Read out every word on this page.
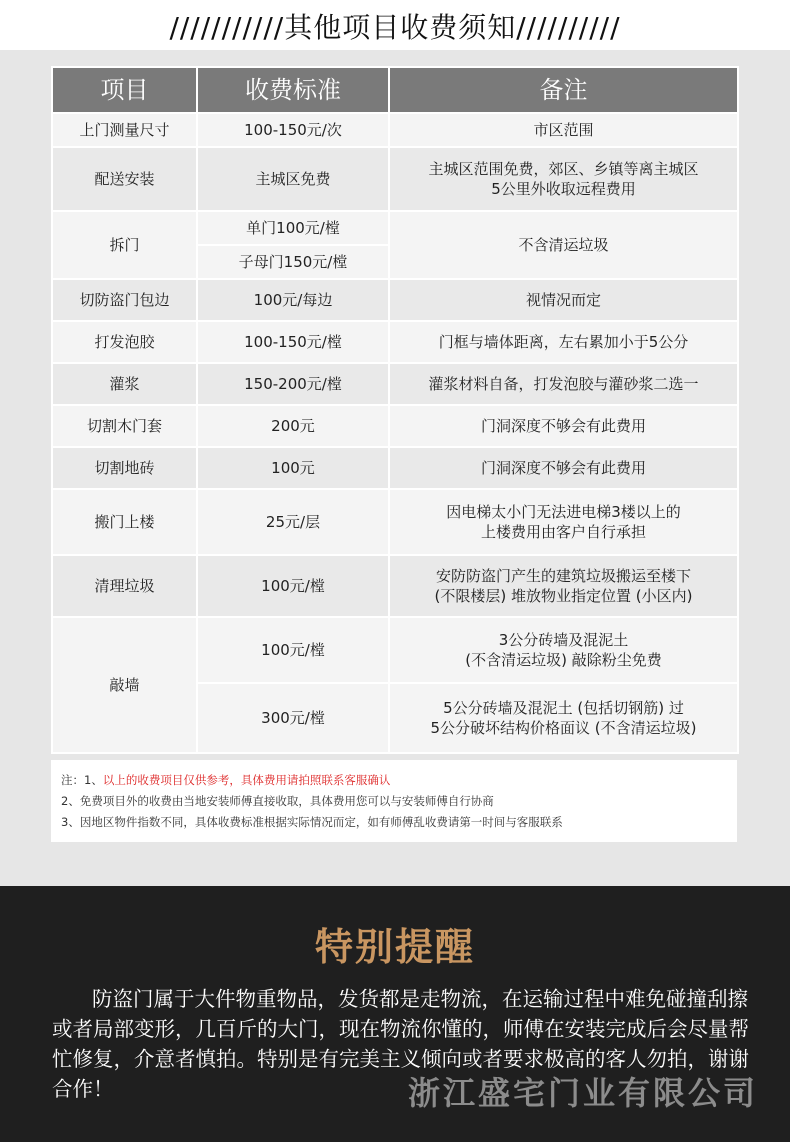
///////////其他项目收费须知//////////
项目	收费标准	备注
上门测量尺寸	100-150元/次	市区范围
配送安装	主城区免费	主城区范围免费，郊区、乡镇等离主城区
5公里外收取远程费用

拆门	单门100元/樘	不含清运垃圾
	子母门150元/樘	
切防盗门包边	100元/每边	视情况而定
打发泡胶	100-150元/樘	门框与墙体距离，左右累加小于5公分
灌浆	150-200元/樘	灌浆材料自备，打发泡胶与灌砂浆二选一
切割木门套	200元	门洞深度不够会有此费用
切割地砖	100元	门洞深度不够会有此费用
搬门上楼	25元/层	因电梯太小门无法进电梯3楼以上的
上楼费用由客户自行承担

清理垃圾	100元/樘	安防防盗门产生的建筑垃圾搬运至楼下
(不限楼层) 堆放物业指定位置 (小区内)

敲墙	100元/樘	3公分砖墙及混泥土
(不含清运垃圾) 敲除粉尘免费

	300元/樘	5公分砖墙及混泥土 (包括切钢筋) 过
5公分破坏结构价格面议 (不含清运垃圾)
注：1、以上的收费项目仅供参考，具体费用请拍照联系客服确认
2、免费项目外的收费由当地安装师傅直接收取，具体费用您可以与安装师傅自行协商
3、因地区物件指数不同，具体收费标准根据实际情况而定，如有师傅乱收费请第一时间与客服联系
特别提醒
防盗门属于大件物重物品，发货都是走物流，在运输过程中难免碰撞刮擦或者局部变形，几百斤的大门，现在物流你懂的，师傅在安装完成后会尽量帮忙修复，介意者慎拍。特别是有完美主义倾向或者要求极高的客人勿拍，谢谢合作！	浙江盛宅门业有限公司
